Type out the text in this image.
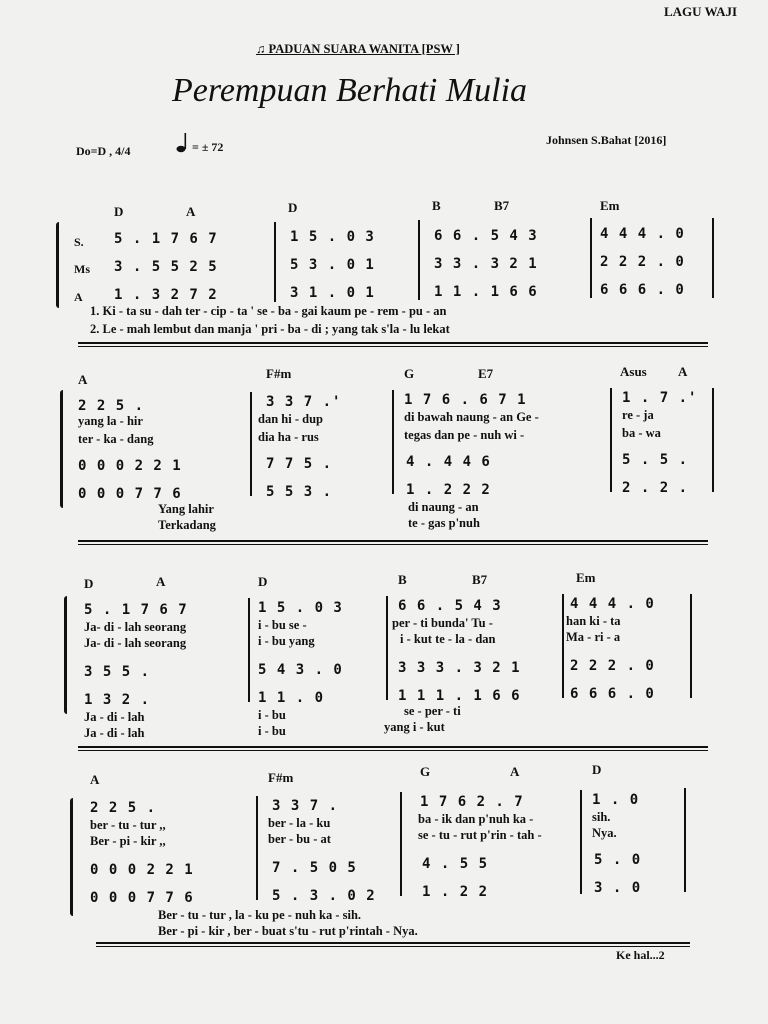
LAGU WAJI
♫ PADUAN SUARA WANITA [PSW ]
Perempuan Berhati Mulia
Do=D , 4/4	= ± 72	Johnsen S.Bahat [2016]
D	A	D	B	B7	Em
S.
Ms
A
5 . 1 7 6 7	1 5 . 0 3	6 6 . 5 4 3	4 4 4 . 0
3 . 5 5 2 5	5 3 . 0 1	3 3 . 3 2 1	2 2 2 . 0
1 . 3 2 7 2	3 1 . 0 1	1 1 . 1 6 6	6 6 6 . 0
1. Ki - ta su - dah ter - cip - ta ' se - ba - gai kaum pe - rem - pu - an
2. Le - mah lembut dan manja ' pri - ba - di ; yang tak s'la - lu lekat
A	F#m	G	E7	Asus A
2 2 5 .	3 3 7 .'	1 7 6 . 6 7 1	1 . 7 .'
yang la - hir	dan hi - dup	di bawah naung - an Ge -	re - ja
ter - ka - dang	dia ha - rus	tegas dan pe - nuh wi -	ba - wa
0 0 0 2 2 1	7 7 5 .	4 . 4 4 6	5 . 5 .
0 0 0 7 7 6	5 5 3 .	1 . 2 2 2	2 . 2 .
Yang lahir	di naung - an
Terkadang	te - gas p'nuh
D	A	D	B	B7	Em
5 . 1 7 6 7	1 5 . 0 3	6 6 . 5 4 3	4 4 4 . 0
Ja- di - lah seorang	i - bu se -	per - ti bunda' Tu -	han ki - ta
Ja- di - lah seorang	i - bu yang	i - kut te - la - dan	Ma - ri - a
3 5 5 .	5 4 3 . 0	3 3 3 . 3 2 1	2 2 2 . 0
1 3 2 .	1 1 . 0	1 1 1 . 1 6 6	6 6 6 . 0
Ja - di - lah	i - bu	se - per - ti
Ja - di - lah	i - bu	yang i - kut
A	F#m	G	A	D
2 2 5 .	3 3 7 .	1 7 6 2 . 7	1 . 0
ber - tu - tur ,,	ber - la - ku	ba - ik dan p'nuh ka -	sih.
Ber - pi - kir ,,	ber - bu - at	se - tu - rut p'rin - tah -	Nya.
0 0 0 2 2 1	7 . 5 0 5	4 . 5 5	5 . 0
0 0 0 7 7 6	5 . 3 . 0 2	1 . 2 2	3 . 0
Ber - tu - tur , la - ku pe - nuh ka - sih.
Ber - pi - kir , ber - buat s'tu - rut p'rintah - Nya.
Ke hal...2
